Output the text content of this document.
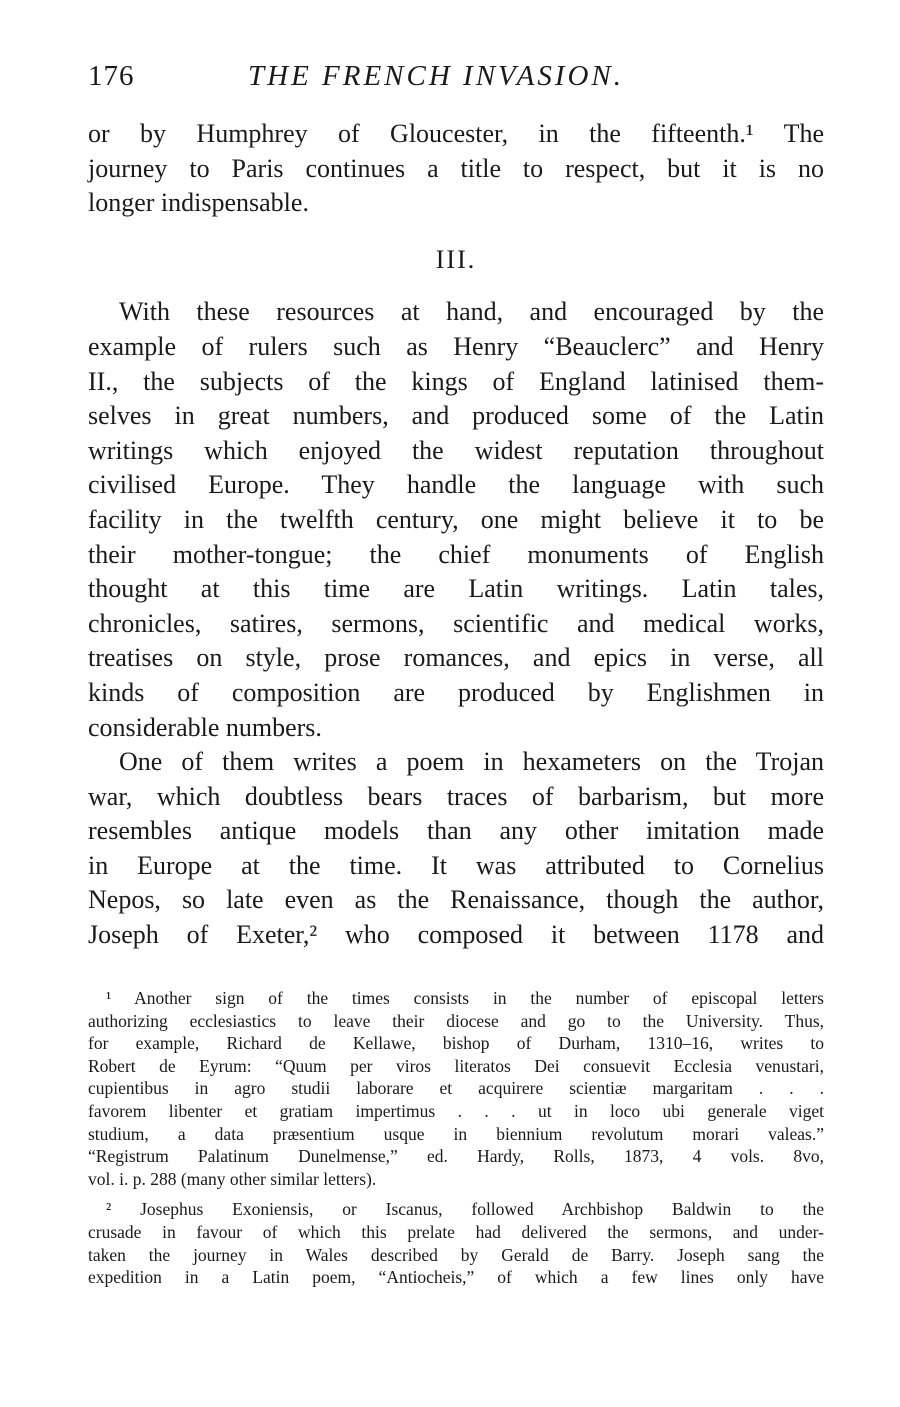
176	THE FRENCH INVASION.
or by Humphrey of Gloucester, in the fifteenth.¹ The
journey to Paris continues a title to respect, but it is no
longer indispensable.
III.
With these resources at hand, and encouraged by the
example of rulers such as Henry “Beauclerc” and Henry
II., the subjects of the kings of England latinised them-
selves in great numbers, and produced some of the Latin
writings which enjoyed the widest reputation throughout
civilised Europe. They handle the language with such
facility in the twelfth century, one might believe it to be
their mother-tongue; the chief monuments of English
thought at this time are Latin writings. Latin tales,
chronicles, satires, sermons, scientific and medical works,
treatises on style, prose romances, and epics in verse, all
kinds of composition are produced by Englishmen in
considerable numbers.
One of them writes a poem in hexameters on the Trojan
war, which doubtless bears traces of barbarism, but more
resembles antique models than any other imitation made
in Europe at the time. It was attributed to Cornelius
Nepos, so late even as the Renaissance, though the author,
Joseph of Exeter,² who composed it between 1178 and
¹ Another sign of the times consists in the number of episcopal letters
authorizing ecclesiastics to leave their diocese and go to the University. Thus,
for example, Richard de Kellawe, bishop of Durham, 1310–16, writes to
Robert de Eyrum: “Quum per viros literatos Dei consuevit Ecclesia venustari,
cupientibus in agro studii laborare et acquirere scientiæ margaritam . . .
favorem libenter et gratiam impertimus . . . ut in loco ubi generale viget
studium, a data præsentium usque in biennium revolutum morari valeas.”
“Registrum Palatinum Dunelmense,” ed. Hardy, Rolls, 1873, 4 vols. 8vo,
vol. i. p. 288 (many other similar letters).
² Josephus Exoniensis, or Iscanus, followed Archbishop Baldwin to the
crusade in favour of which this prelate had delivered the sermons, and under-
taken the journey in Wales described by Gerald de Barry. Joseph sang the
expedition in a Latin poem, “Antiocheis,” of which a few lines only have
